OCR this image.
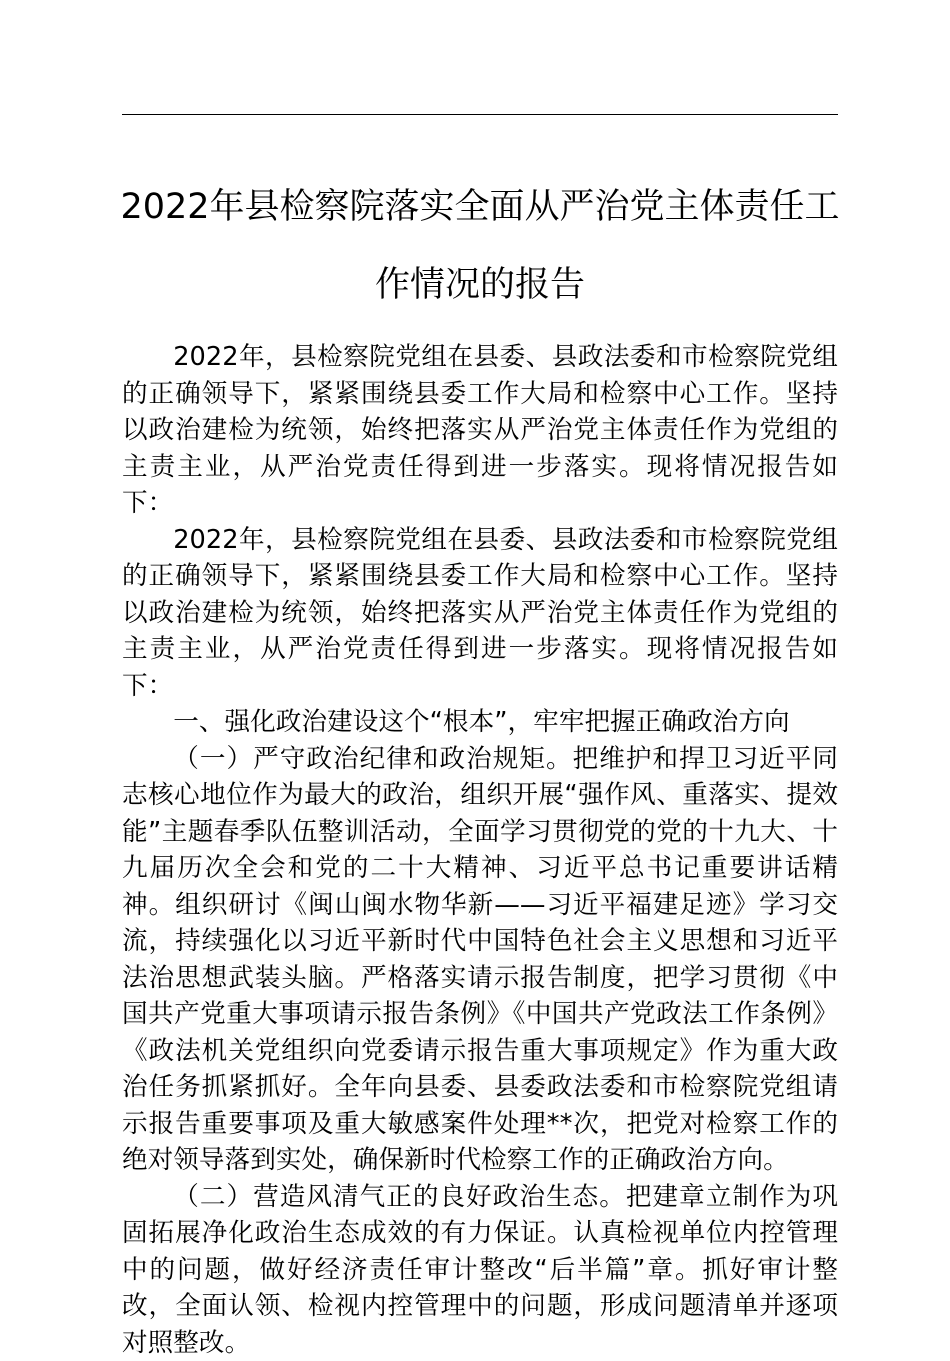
2022年县检察院落实全面从严治党主体责任工
作情况的报告

2022年，县检察院党组在县委、县政法委和市检察院党组的正确领导下，紧紧围绕县委工作大局和检察中心工作。坚持以政治建检为统领，始终把落实从严治党主体责任作为党组的主责主业，从严治党责任得到进一步落实。现将情况报告如下：

2022年，县检察院党组在县委、县政法委和市检察院党组的正确领导下，紧紧围绕县委工作大局和检察中心工作。坚持以政治建检为统领，始终把落实从严治党主体责任作为党组的主责主业，从严治党责任得到进一步落实。现将情况报告如下：

一、强化政治建设这个“根本”，牢牢把握正确政治方向

（一）严守政治纪律和政治规矩。把维护和捍卫习近平同志核心地位作为最大的政治，组织开展“强作风、重落实、提效能”主题春季队伍整训活动，全面学习贯彻党的党的十九大、十九届历次全会和党的二十大精神、习近平总书记重要讲话精神。组织研讨《闽山闽水物华新——习近平福建足迹》学习交流，持续强化以习近平新时代中国特色社会主义思想和习近平法治思想武装头脑。严格落实请示报告制度，把学习贯彻《中国共产党重大事项请示报告条例》《中国共产党政法工作条例》《政法机关党组织向党委请示报告重大事项规定》作为重大政治任务抓紧抓好。全年向县委、县委政法委和市检察院党组请示报告重要事项及重大敏感案件处理**次，把党对检察工作的绝对领导落到实处，确保新时代检察工作的正确政治方向。

（二）营造风清气正的良好政治生态。把建章立制作为巩固拓展净化政治生态成效的有力保证。认真检视单位内控管理中的问题，做好经济责任审计整改“后半篇”章。抓好审计整改，全面认领、检视内控管理中的问题，形成问题清单并逐项对照整改。
